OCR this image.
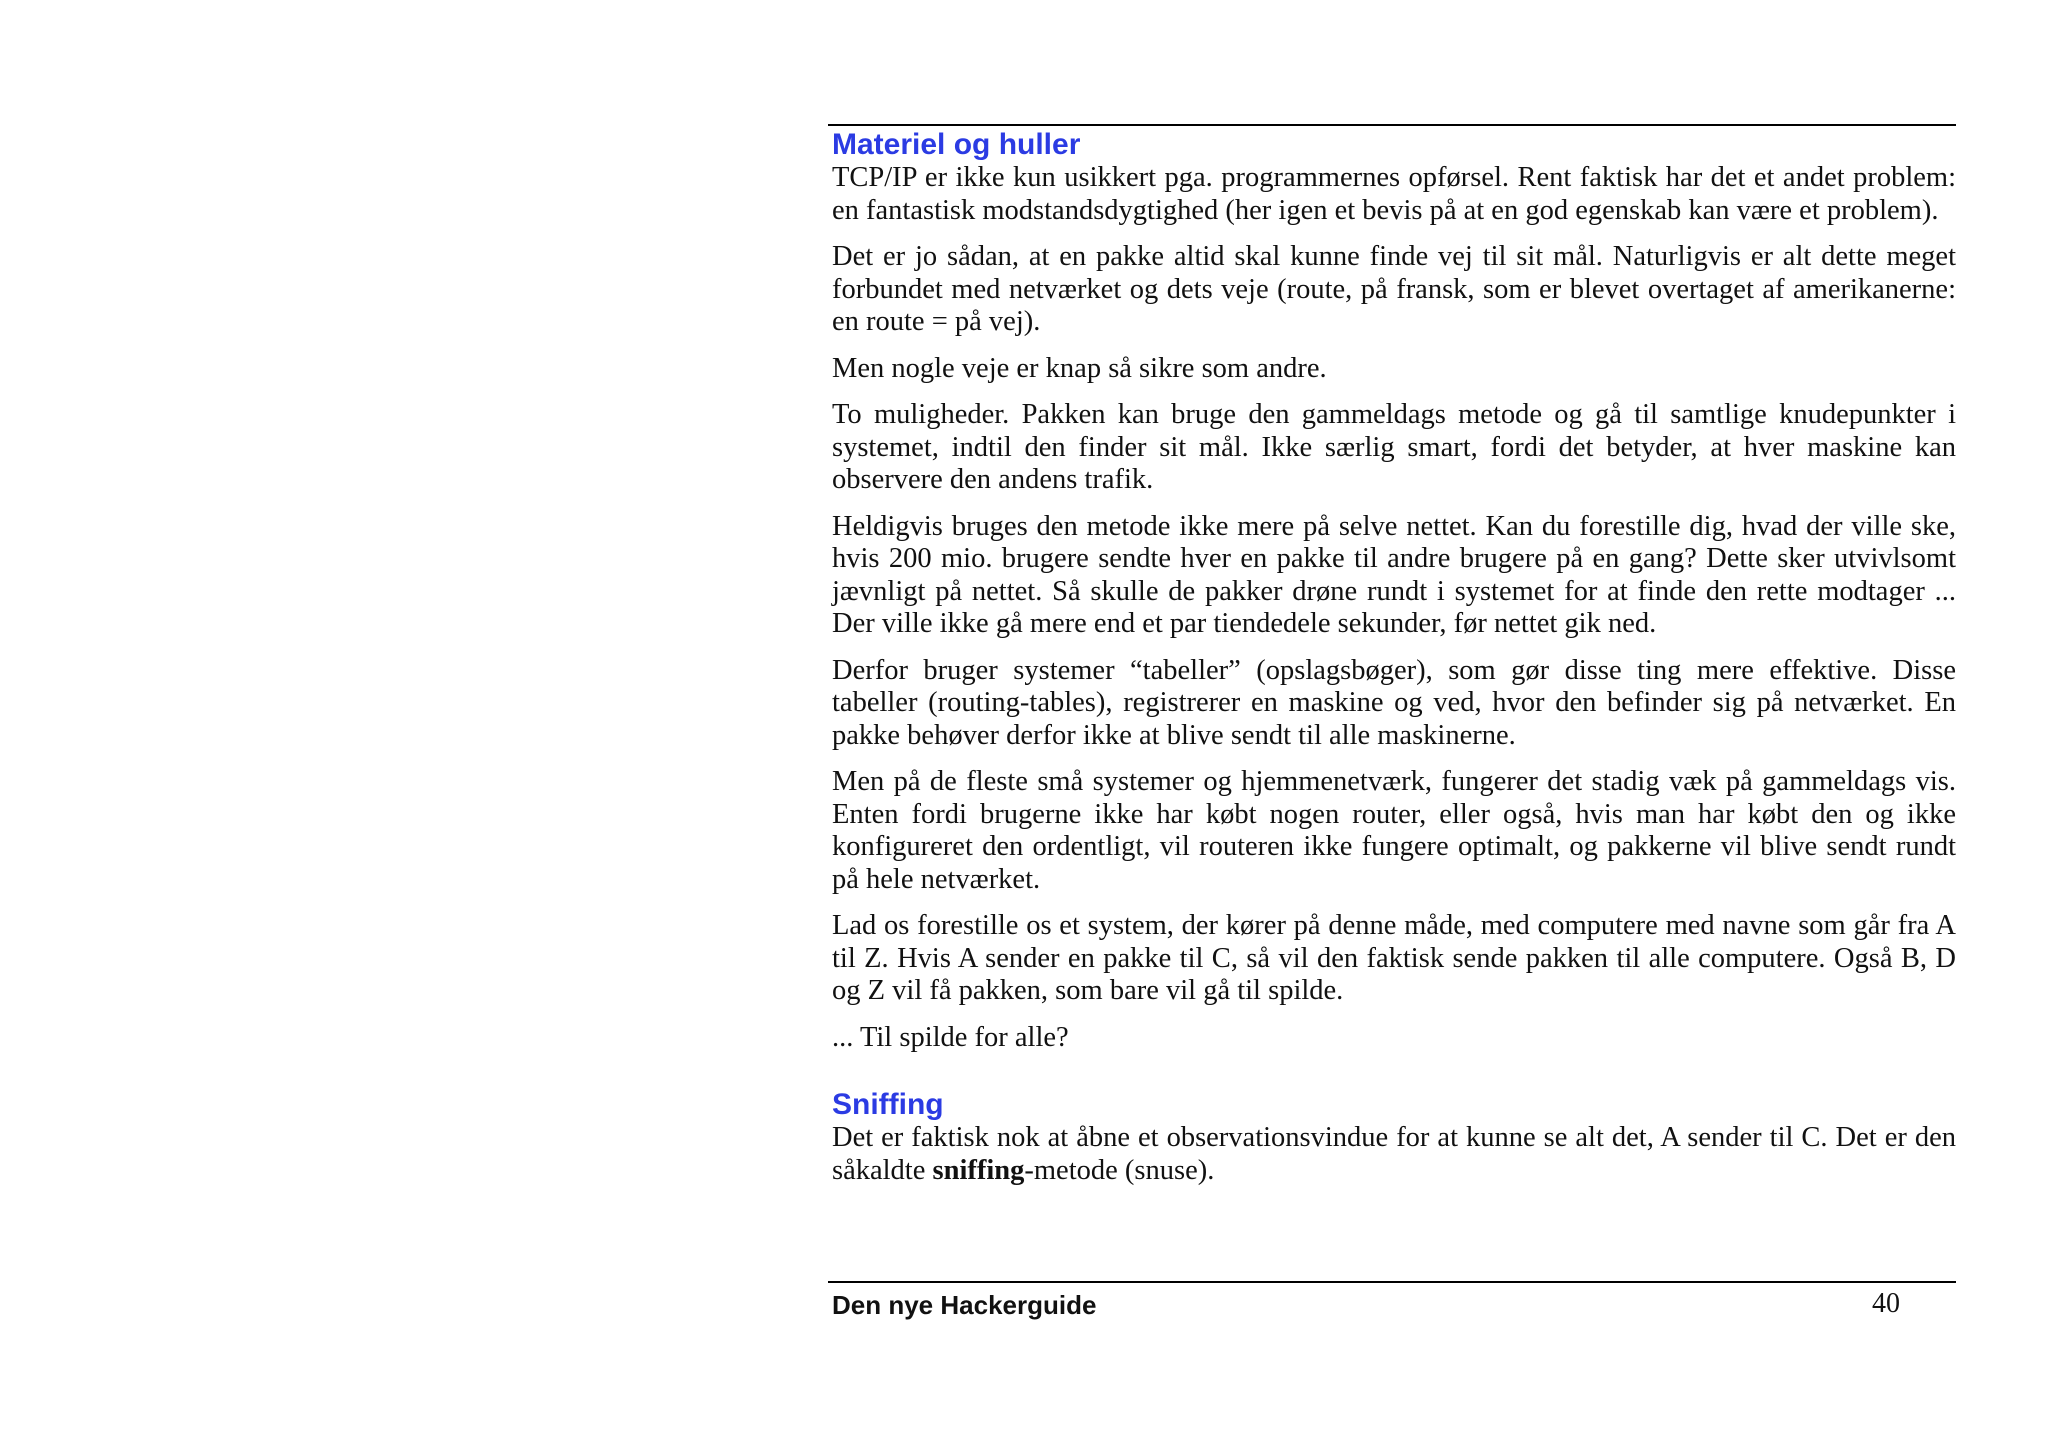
Materiel og huller

TCP/IP er ikke kun usikkert pga. programmernes opførsel. Rent faktisk har det et andet problem: en fantastisk modstandsdygtighed (her igen et bevis på at en god egenskab kan være et problem).

Det er jo sådan, at en pakke altid skal kunne finde vej til sit mål. Naturligvis er alt dette meget forbundet med netværket og dets veje (route, på fransk, som er blevet overtaget af amerikanerne: en route = på vej).

Men nogle veje er knap så sikre som andre.

To muligheder. Pakken kan bruge den gammeldags metode og gå til samtlige knudepunkter i systemet, indtil den finder sit mål. Ikke særlig smart, fordi det betyder, at hver maskine kan observere den andens trafik.

Heldigvis bruges den metode ikke mere på selve nettet. Kan du forestille dig, hvad der ville ske, hvis 200 mio. brugere sendte hver en pakke til andre brugere på en gang? Dette sker utvivlsomt jævnligt på nettet. Så skulle de pakker drøne rundt i systemet for at finde den rette modtager ... Der ville ikke gå mere end et par tiendedele sekunder, før nettet gik ned.

Derfor bruger systemer “tabeller” (opslagsbøger), som gør disse ting mere effektive. Disse tabeller (routing-tables), registrerer en maskine og ved, hvor den befinder sig på netværket. En pakke behøver derfor ikke at blive sendt til alle maskinerne.

Men på de fleste små systemer og hjemmenetværk, fungerer det stadig væk på gammeldags vis. Enten fordi brugerne ikke har købt nogen router, eller også, hvis man har købt den og ikke konfigureret den ordentligt, vil routeren ikke fungere optimalt, og pakkerne vil blive sendt rundt på hele netværket.

Lad os forestille os et system, der kører på denne måde, med computere med navne som går fra A til Z. Hvis A sender en pakke til C, så vil den faktisk sende pakken til alle computere. Også B, D og Z vil få pakken, som bare vil gå til spilde.

... Til spilde for alle?

Sniffing

Det er faktisk nok at åbne et observationsvindue for at kunne se alt det, A sender til C. Det er den såkaldte sniffing-metode (snuse).

Den nye Hackerguide	40
